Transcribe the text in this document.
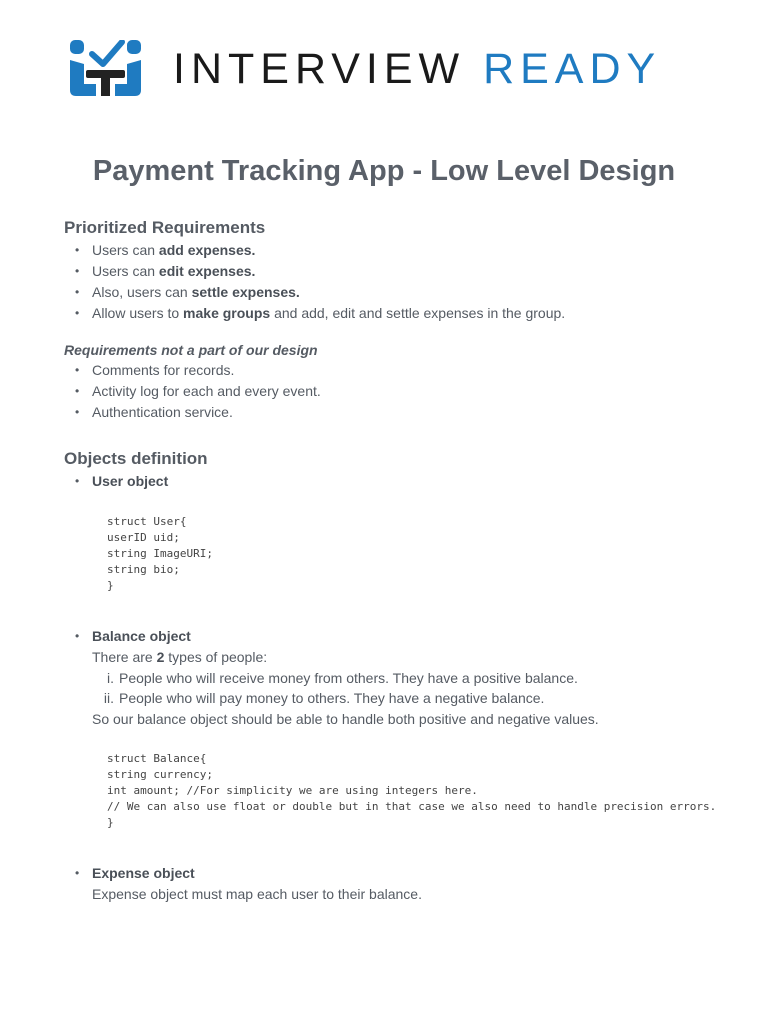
INTERVIEW READY
Payment Tracking App - Low Level Design
Prioritized Requirements
• Users can add expenses.
• Users can edit expenses.
• Also, users can settle expenses.
• Allow users to make groups and add, edit and settle expenses in the group.

Requirements not a part of our design

• Comments for records.
• Activity log for each and every event.
• Authentication service.
Objects definition
• User object
struct User{
userID uid;
string ImageURI;
string bio;
}
• Balance object
There are 2 types of people:
i. People who will receive money from others. They have a positive balance.
ii. People who will pay money to others. They have a negative balance.
So our balance object should be able to handle both positive and negative values.
struct Balance{
string currency;
int amount; //For simplicity we are using integers here.
// We can also use float or double but in that case we also need to handle precision errors.
}
• Expense object
Expense object must map each user to their balance.
